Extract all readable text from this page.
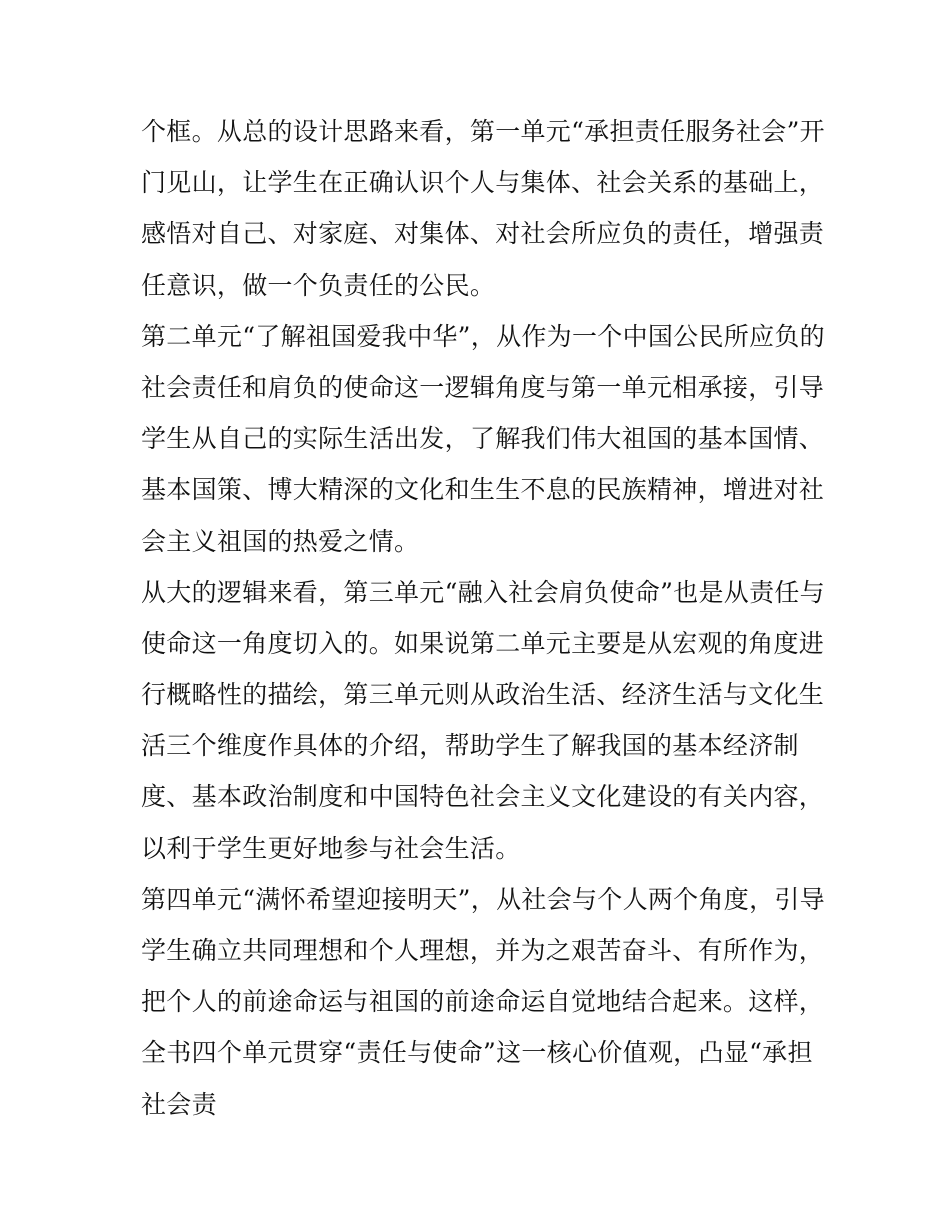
个框。从总的设计思路来看，第一单元“承担责任服务社会”开
门见山，让学生在正确认识个人与集体、社会关系的基础上，
感悟对自己、对家庭、对集体、对社会所应负的责任，增强责
任意识，做一个负责任的公民。
第二单元“了解祖国爱我中华”，从作为一个中国公民所应负的
社会责任和肩负的使命这一逻辑角度与第一单元相承接，引导
学生从自己的实际生活出发，了解我们伟大祖国的基本国情、
基本国策、博大精深的文化和生生不息的民族精神，增进对社
会主义祖国的热爱之情。
从大的逻辑来看，第三单元“融入社会肩负使命”也是从责任与
使命这一角度切入的。如果说第二单元主要是从宏观的角度进
行概略性的描绘，第三单元则从政治生活、经济生活与文化生
活三个维度作具体的介绍，帮助学生了解我国的基本经济制
度、基本政治制度和中国特色社会主义文化建设的有关内容，
以利于学生更好地参与社会生活。
第四单元“满怀希望迎接明天”，从社会与个人两个角度，引导
学生确立共同理想和个人理想，并为之艰苦奋斗、有所作为，
把个人的前途命运与祖国的前途命运自觉地结合起来。这样，
全书四个单元贯穿“责任与使命”这一核心价值观，凸显“承担
社会责
